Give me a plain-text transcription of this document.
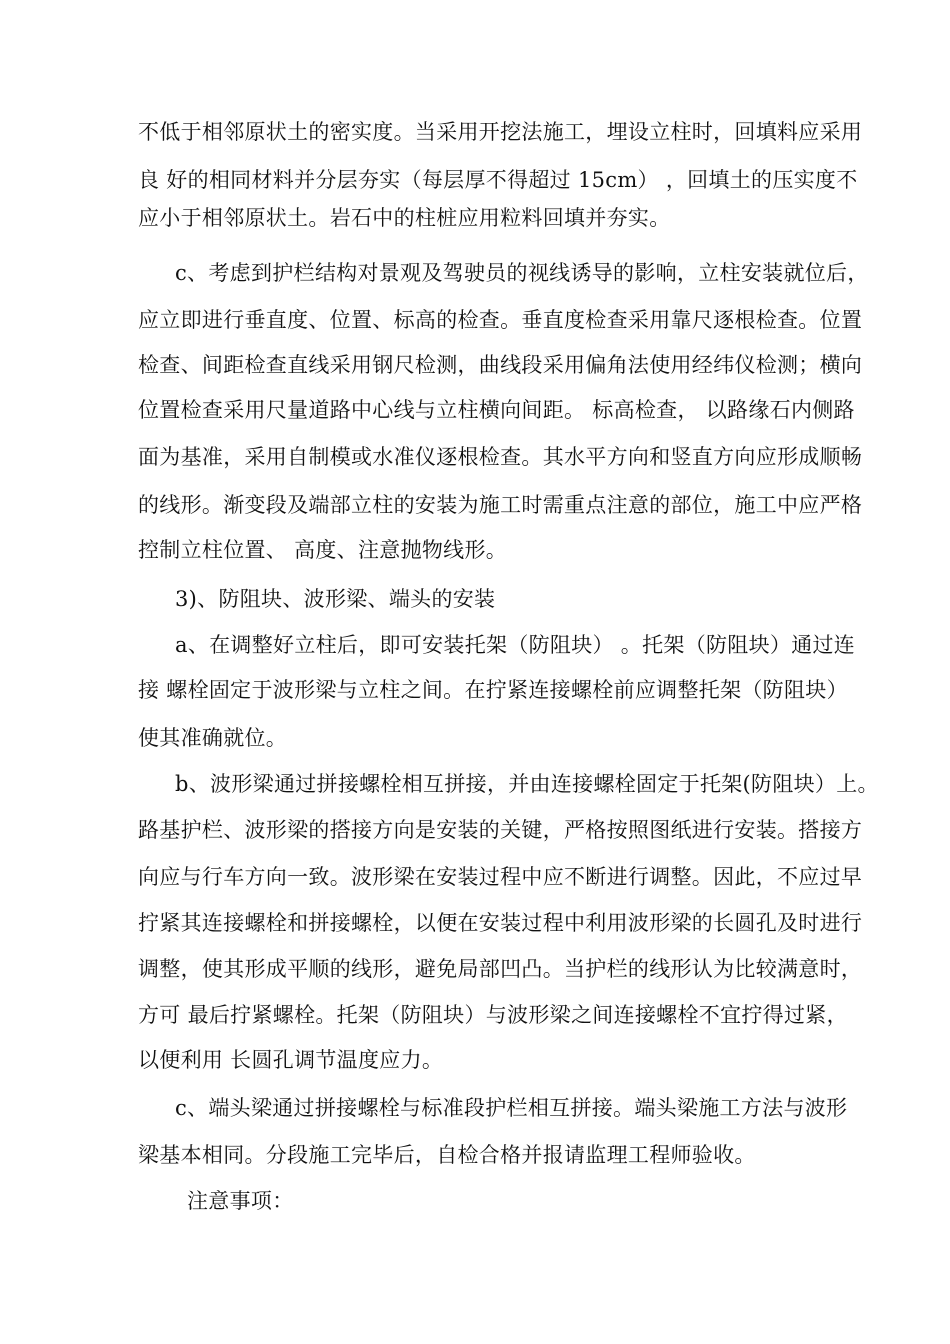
不低于相邻原状土的密实度。当采用开挖法施工，埋设立柱时，回填料应采用
良 好的相同材料并分层夯实（每层厚不得超过 15cm） ，回填土的压实度不
应小于相邻原状土。岩石中的柱桩应用粒料回填并夯实。
c、考虑到护栏结构对景观及驾驶员的视线诱导的影响，立柱安装就位后，
应立即进行垂直度、位置、标高的检查。垂直度检查采用靠尺逐根检查。位置
检查、间距检查直线采用钢尺检测，曲线段采用偏角法使用经纬仪检测；横向
位置检查采用尺量道路中心线与立柱横向间距。 标高检查， 以路缘石内侧路
面为基准，采用自制模或水准仪逐根检查。其水平方向和竖直方向应形成顺畅
的线形。渐变段及端部立柱的安装为施工时需重点注意的部位，施工中应严格
控制立柱位置、 高度、注意抛物线形。
3)、防阻块、波形梁、端头的安装
a、在调整好立柱后，即可安装托架（防阻块） 。托架（防阻块）通过连
接 螺栓固定于波形梁与立柱之间。在拧紧连接螺栓前应调整托架（防阻块）
使其准确就位。
b、波形梁通过拼接螺栓相互拼接，并由连接螺栓固定于托架(防阻块）上。
路基护栏、波形梁的搭接方向是安装的关键，严格按照图纸进行安装。搭接方
向应与行车方向一致。波形梁在安装过程中应不断进行调整。因此，不应过早
拧紧其连接螺栓和拼接螺栓，以便在安装过程中利用波形梁的长圆孔及时进行
调整，使其形成平顺的线形，避免局部凹凸。当护栏的线形认为比较满意时，
方可 最后拧紧螺栓。托架（防阻块）与波形梁之间连接螺栓不宜拧得过紧，
以便利用 长圆孔调节温度应力。
c、端头梁通过拼接螺栓与标准段护栏相互拼接。端头梁施工方法与波形
梁基本相同。分段施工完毕后，自检合格并报请监理工程师验收。
注意事项：
